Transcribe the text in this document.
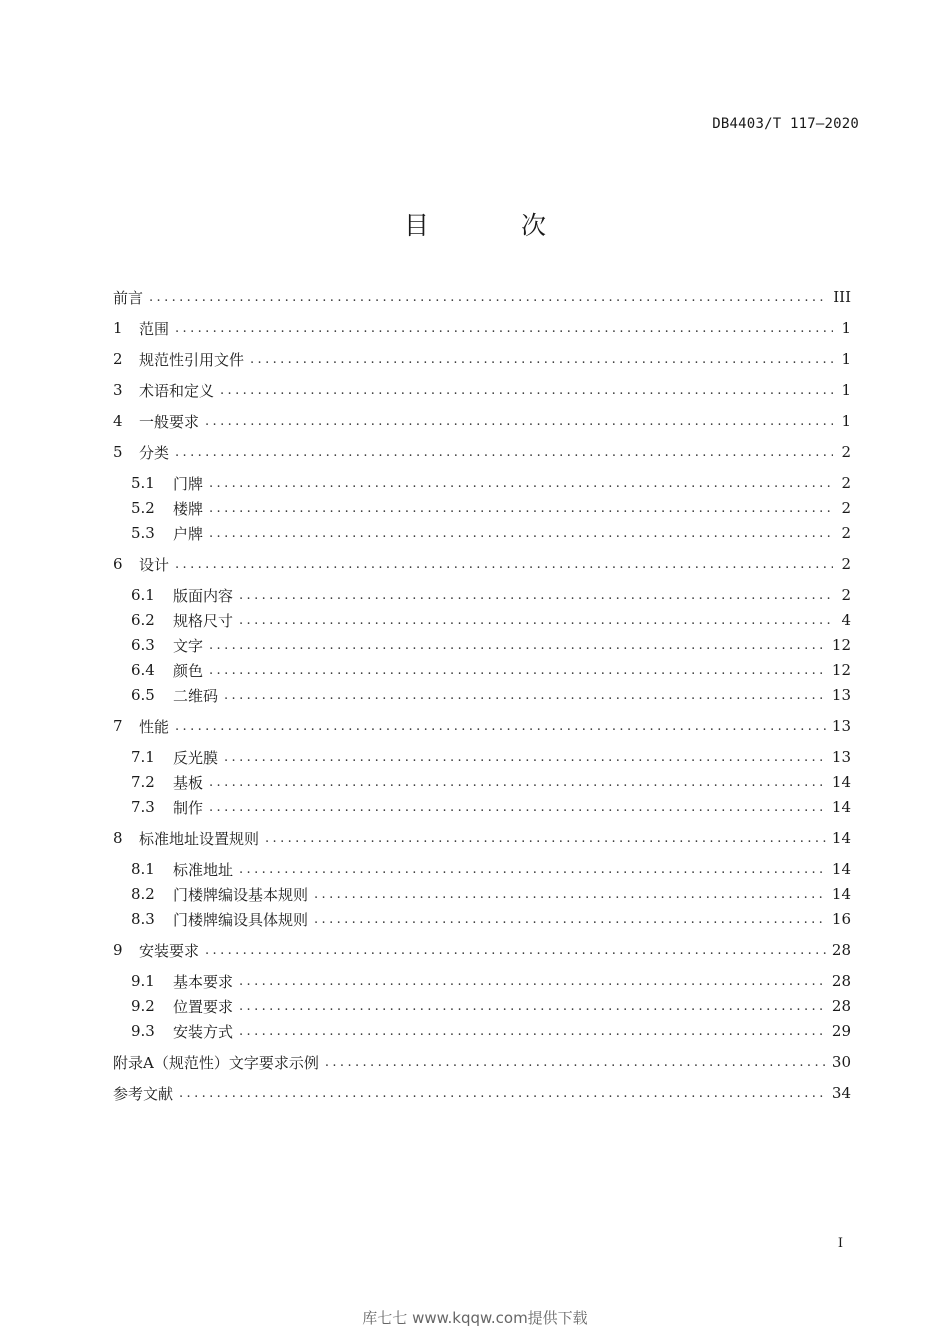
DB4403/T 117—2020
目 次
前言 .....	III
1	范围 .....	1
2	规范性引用文件 .....	1
3	术语和定义 .....	1
4	一般要求 .....	1
5	分类 .....	2
5.1	门牌 .....	2
5.2	楼牌 .....	2
5.3	户牌 .....	2
6	设计 .....	2
6.1	版面内容 .....	2
6.2	规格尺寸 .....	4
6.3	文字 .....	12
6.4	颜色 .....	12
6.5	二维码 .....	13
7	性能 .....	13
7.1	反光膜 .....	13
7.2	基板 .....	14
7.3	制作 .....	14
8	标准地址设置规则 .....	14
8.1	标准地址 .....	14
8.2	门楼牌编设基本规则 .....	14
8.3	门楼牌编设具体规则 .....	16
9	安装要求 .....	28
9.1	基本要求 .....	28
9.2	位置要求 .....	28
9.3	安装方式 .....	29
附录A（规范性）文字要求示例 .....	30
参考文献 .....	34
I
库七七 www.kqqw.com提供下载
